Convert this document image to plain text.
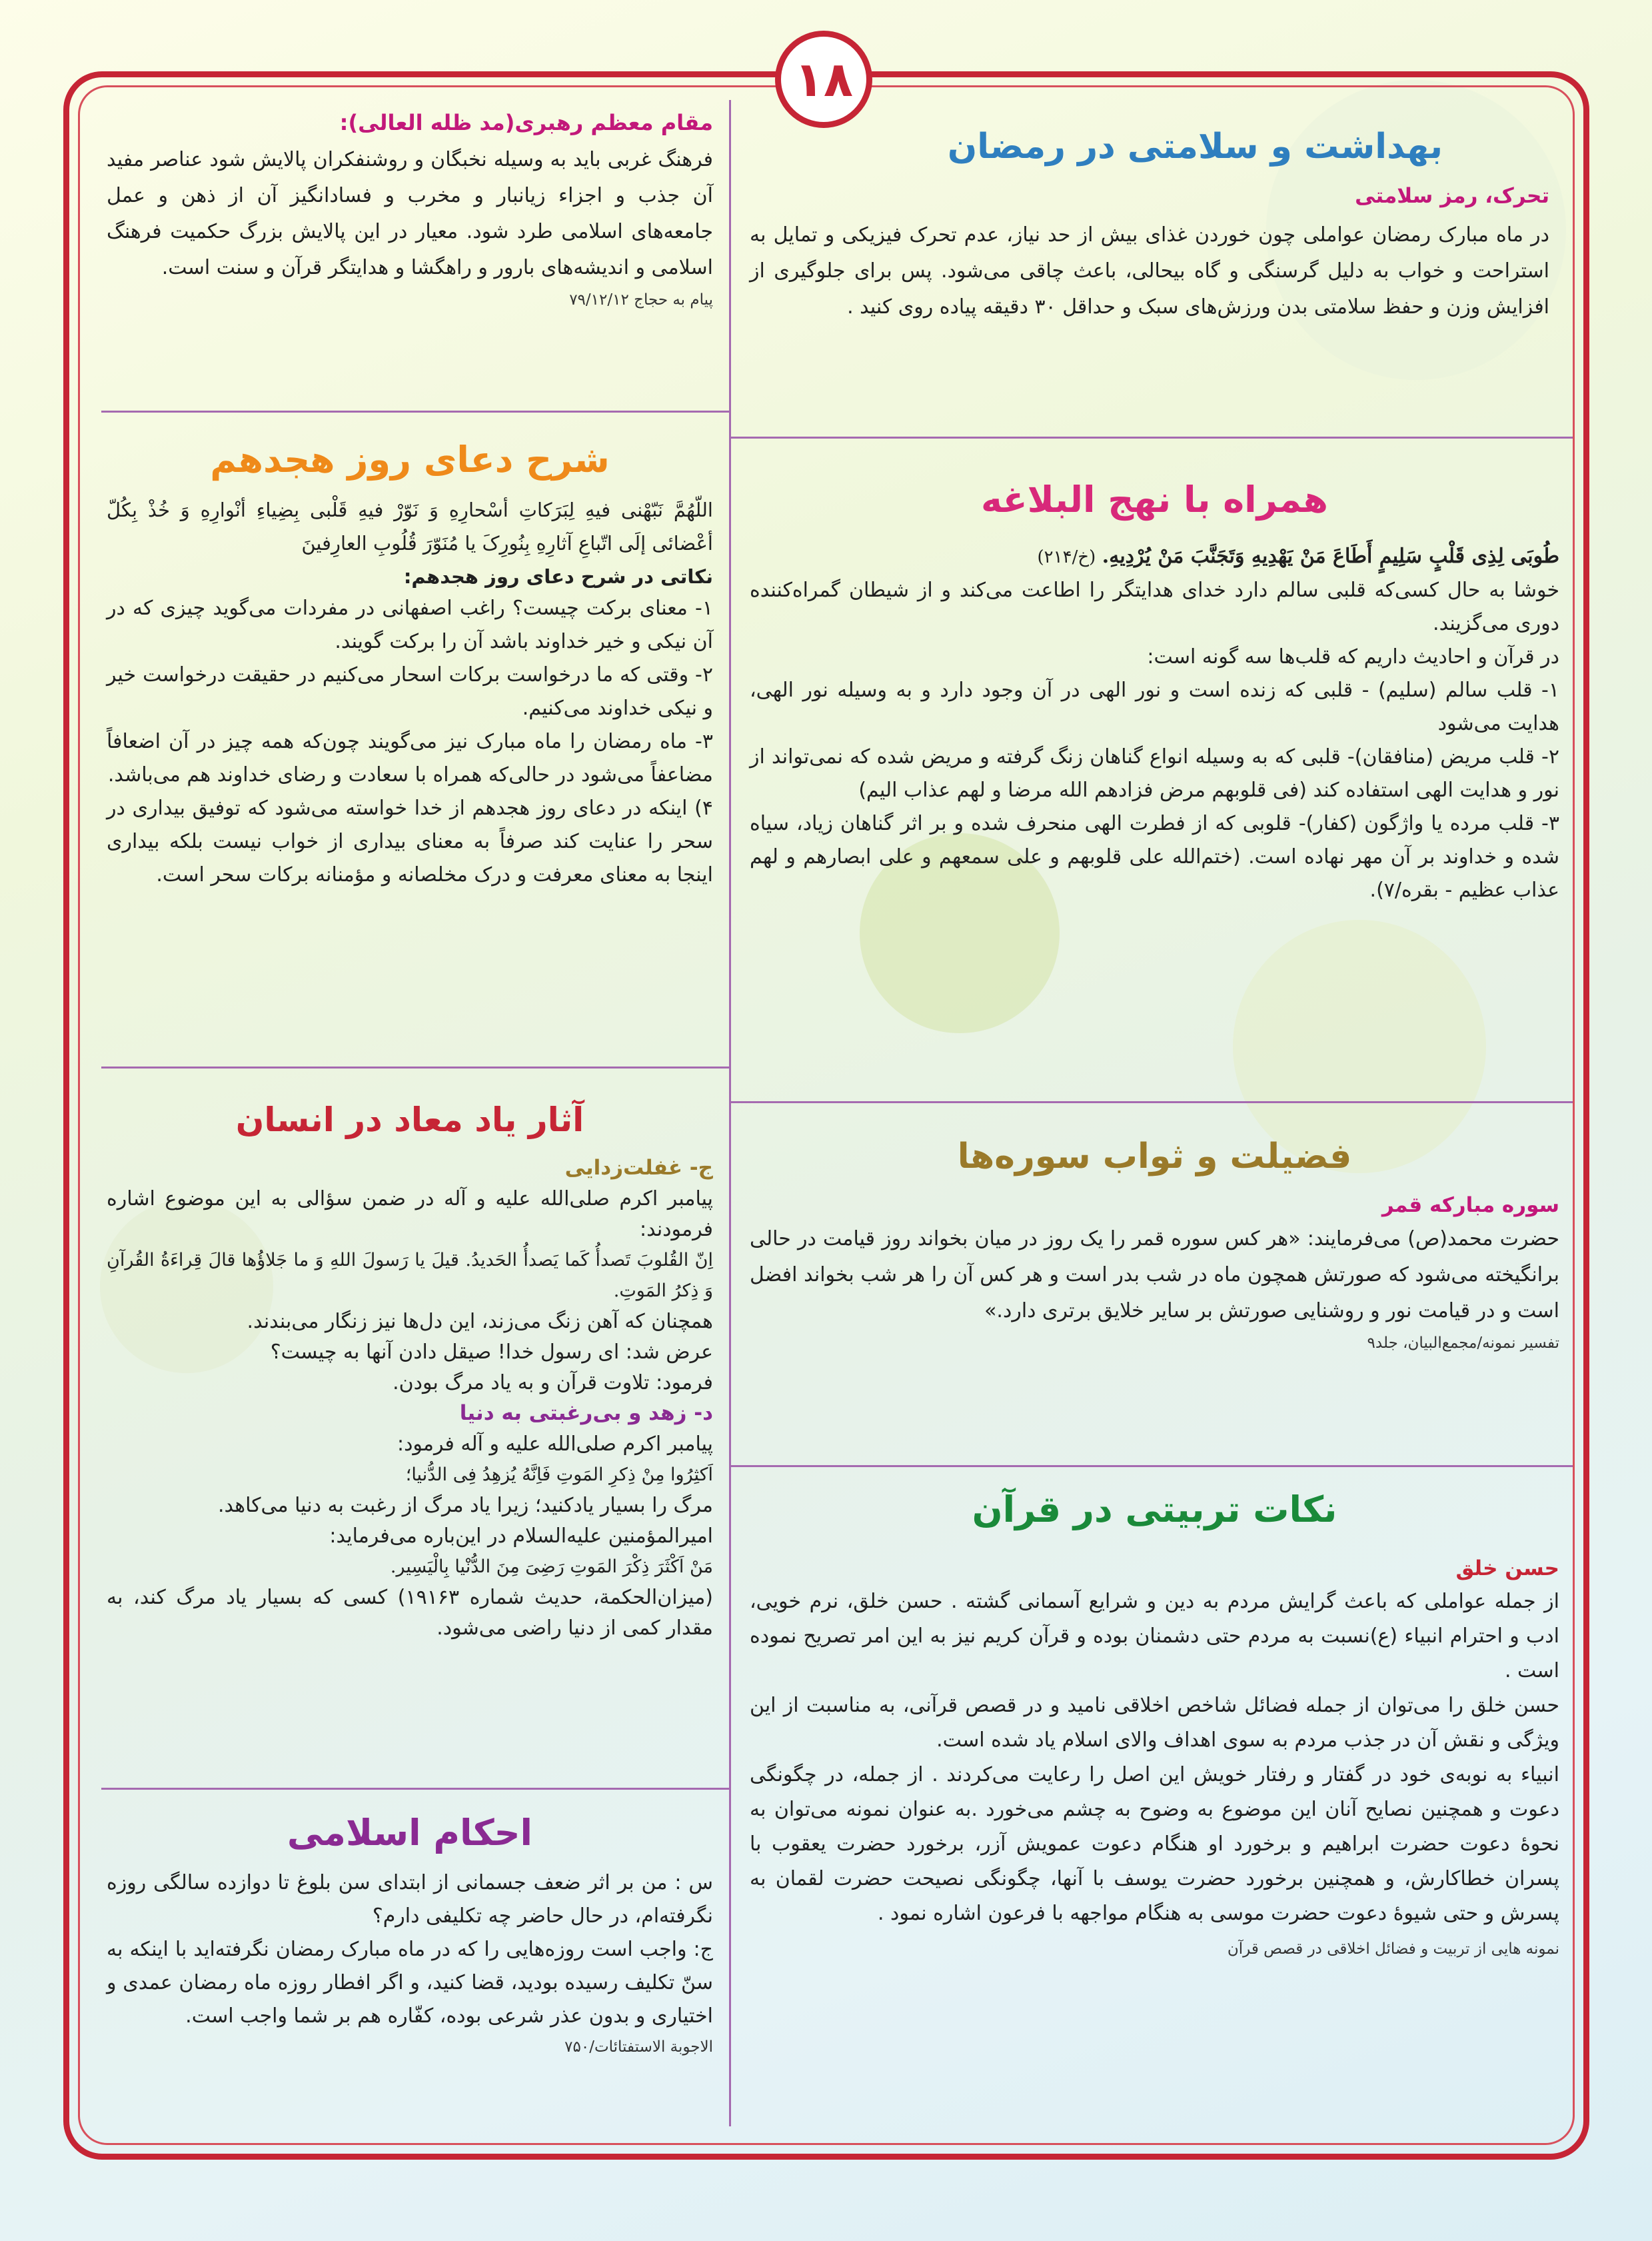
۱۸
بهداشت و سلامتی در رمضان
تحرک، رمز سلامتی

در ماه مبارک رمضان عواملی چون خوردن غذای بیش از حد نیاز، عدم تحرک فیزیکی و تمایل به استراحت و خواب به دلیل گرسنگی و گاه بیحالی، باعث چاقی می‌شود. پس برای جلوگیری از افزایش وزن و حفظ سلامتی بدن ورزش‌های سبک و حداقل ۳۰ دقیقه پیاده روی کنید .

مقام معظم رهبری(مد ظله العالی):

فرهنگ غربی باید به وسیله نخبگان و روشنفکران پالایش شود عناصر مفید آن جذب و اجزاء زیانبار و مخرب و فسادانگیز آن از ذهن و عمل جامعه‌های اسلامی طرد شود. معیار در این پالایش بزرگ حکمیت فرهنگ اسلامی و اندیشه‌های بارور و راهگشا و هدایتگر قرآن و سنت است.

پیام به حجاج ۷۹/۱۲/۱۲
همراه با نهج البلاغه

طُوبَی لِذِی قَلْبٍ سَلِیمٍ أَطَاعَ مَنْ یَهْدِیهِ وَتَجَنَّبَ مَنْ یُرْدِیهِ. (خ/۲۱۴)

خوشا به حال کسی‌که قلبی سالم دارد خدای هدایتگر را اطاعت می‌کند و از شیطان گمراه‌کننده دوری می‌گزیند.

در قرآن و احادیث داریم که قلب‌ها سه گونه است:

۱- قلب سالم (سلیم) - قلبی که زنده است و نور الهی در آن وجود دارد و به وسیله نور الهی، هدایت می‌شود

۲- قلب مریض (منافقان)- قلبی که به وسیله انواع گناهان زنگ گرفته و مریض شده که نمی‌تواند از نور و هدایت الهی استفاده کند (فی قلوبهم مرض فزادهم الله مرضا و لهم عذاب الیم)

۳- قلب مرده یا واژگون (کفار)- قلوبی که از فطرت الهی منحرف شده و بر اثر گناهان زیاد، سیاه شده و خداوند بر آن مهر نهاده است. (ختم‌الله علی قلوبهم و علی سمعهم و علی ابصارهم و لهم عذاب عظیم - بقره/۷).

شرح دعای روز هجدهم

اللّهُمَّ نَبّهْنی فیهِ لِبَرَکاتِ أسْحارِهِ وَ نَوّرْ فیهِ قَلْبی بِضِیاءِ أنْوارِهِ وَ خُذْ بِکُلّ أعْضائی إلَی اتّباعِ آثارِهِ بِنُورِکَ یا مُنَوّرَ قُلُوبِ العارِفینَ

نکاتی در شرح دعای روز هجدهم:

۱- معنای برکت چیست؟ راغب اصفهانی در مفردات می‌گوید چیزی که در آن نیکی و خیر خداوند باشد آن را برکت گویند.

۲- وقتی که ما درخواست برکات اسحار می‌کنیم در حقیقت درخواست خیر و نیکی خداوند می‌کنیم.

۳- ماه رمضان را ماه مبارک نیز می‌گویند چون‌که همه چیز در آن اضعافاً مضاعفاً می‌شود در حالی‌که همراه با سعادت و رضای خداوند هم می‌باشد.

۴) اینکه در دعای روز هجدهم از خدا خواسته می‌شود که توفیق بیداری در سحر را عنایت کند صرفاً به معنای بیداری از خواب نیست بلکه بیداری اینجا به معنای معرفت و درک مخلصانه و مؤمنانه برکات سحر است.

فضیلت و ثواب سوره‌ها
سوره مبارکه قمر

حضرت محمد(ص) می‌فرمایند: «هر کس سوره قمر را یک روز در میان بخواند روز قیامت در حالی برانگیخته می‌شود که صورتش همچون ماه در شب بدر است و هر کس آن را هر شب بخواند افضل است و در قیامت نور و روشنایی صورتش بر سایر خلایق برتری دارد.»

تفسیر نمونه/مجمع‌البیان، جلد۹
آثار یاد معاد در انسان
ج- غفلت‌زدایی

پیامبر اکرم صلی‌الله علیه و آله در ضمن سؤالی به این موضوع اشاره فرمودند:

اِنّ القُلوبَ تَصدأُ کَما یَصدأُ الحَدیدُ. قیلَ یا رَسولَ اللهِ وَ ما جَلاؤُها قالَ قِراءَةُ القُرآنِ وَ ذِکرُ المَوتِ.

همچنان که آهن زنگ می‌زند، این دل‌ها نیز زنگار می‌بندند.

عرض شد: ای رسول خدا! صیقل دادن آنها به چیست؟

فرمود: تلاوت قرآن و به یاد مرگ بودن.

د- زهد و بی‌رغبتی به دنیا

پیامبر اکرم صلی‌الله علیه و آله فرمود:

اَکثِرُوا مِنْ ذِکرِ المَوتِ فَاِنَّهُ یُزهِدُ فِی الدُّنیا؛

مرگ را بسیار یادکنید؛ زیرا یاد مرگ از رغبت به دنیا می‌کاهد.

امیرالمؤمنین علیه‌السلام در این‌باره می‌فرماید:

مَنْ اَکْثَرَ ذِکْرَ المَوتِ رَضِیَ مِنَ الدُّنْیا بِالْیَسِیر.

(میزان‌الحکمة، حدیث شماره ۱۹۱۶۳) کسی که بسیار یاد مرگ کند، به مقدار کمی از دنیا راضی می‌شود.

نکات تربیتی در قرآن
حسن خلق

از جمله عواملی که باعث گرایش مردم به دین و شرایع آسمانی گشته . حسن خلق، نرم خویی، ادب و احترام انبیاء (ع)نسبت به مردم حتی دشمنان بوده و قرآن کریم نیز به این امر تصریح نموده است .

حسن خلق را می‌توان از جمله فضائل شاخص اخلاقی نامید و در قصص قرآنی، به مناسبت از این ویژگی و نقش آن در جذب مردم به سوی اهداف والای اسلام یاد شده است.

انبیاء به نوبه‌ی خود در گفتار و رفتار خویش این اصل را رعایت می‌کردند . از جمله، در چگونگی دعوت و همچنین نصایح آنان این موضوع به وضوح به چشم می‌خورد .به عنوان نمونه می‌توان به نحوهٔ دعوت حضرت ابراهیم و برخورد او هنگام دعوت عمویش آزر، برخورد حضرت یعقوب با پسران خطاکارش، و همچنین برخورد حضرت یوسف با آنها، چگونگی نصیحت حضرت لقمان به پسرش و حتی شیوهٔ دعوت حضرت موسی به هنگام مواجهه با فرعون اشاره نمود .

نمونه هایی از تربیت و فضائل اخلاقی در قصص قرآن
احکام اسلامی

س : من بر اثر ضعف جسمانی از ابتدای سن بلوغ تا دوازده سالگی روزه نگرفته‌ام، در حال حاضر چه تکلیفی دارم؟

ج: واجب است روزه‌هایی را که در ماه مبارک رمضان نگرفته‌اید با اینکه به سنّ تکلیف رسیده بودید، قضا کنید، و اگر افطار روزه ماه رمضان عمدی و اختیاری و بدون عذر شرعی بوده، کفّاره هم بر شما واجب است.

الاجوبة الاستفتائات/۷۵۰
